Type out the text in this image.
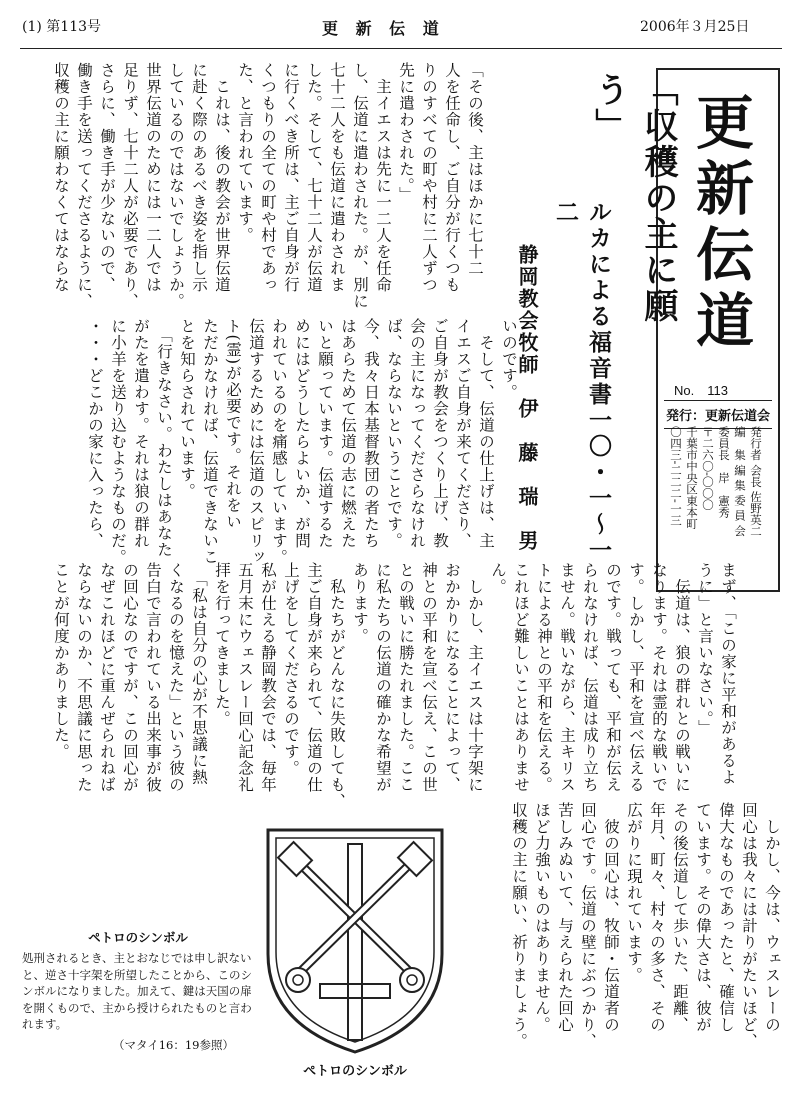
(1) 第113号	更 新 伝 道	2006年３月25日
更新伝道
No.　113
発行：更新伝道会
発行者 会長 佐野英二
編　集 編 集 委 員 会
委員長　岸　憲秀
〒二六〇-〇〇〇
千葉市中央区東本町
〇四三-二二二-一三
「収穫の主に願う」
ルカによる福音書一〇・一～一二
静岡教会牧師　伊　藤　瑞　男

「その後、主はほかに七十二
人を任命し、ご自分が行くつも
りのすべての町や村に二人ずつ
先に遣わされた。」
　主イエスは先に一二人を任命
し、伝道に遣わされた。が、別に
七十二人をも伝道に遣わされま
した。そして、七十二人が伝道
に行くべき所は、主ご自身が行
くつもりの全ての町や村であっ
た、と言われています。
　これは、後の教会が世界伝道
に赴く際のあるべき姿を指し示
しているのではないでしょうか。
世界伝道のためには一二人では
足りず、七十二人が必要であり、
さらに、働き手が少ないので、
働き手を送ってくださるように、
収穫の主に願わなくてはならな

いのです。
　そして、伝道の仕上げは、主
イエスご自身が来てくださり、
ご自身が教会をつくり上げ、教
会の主になってくださらなけれ
ば、ならないということです。
今、我々日本基督教団の者たち
はあらためて伝道の志に燃えた
いと願っています。伝道するた
めにはどうしたらよいか、が問
われているのを痛感しています。
伝道するためには伝道のスピリッ
ト(霊)が必要です。それをい
ただかなければ、伝道できないこ
とを知らされています。
　「行きなさい。わたしはあなた
がたを遣わす。それは狼の群れ
に小羊を送り込むようなものだ。
・・・どこかの家に入ったら、

まず、「この家に平和があるよ
うに」と言いなさい。」
　伝道は、狼の群れとの戦いに
なります。それは霊的な戦いで
す。しかし、平和を宣べ伝える
のです。戦っても、平和が伝え
られなければ、伝道は成り立ち
ません。戦いながら、主キリス
トによる神との平和を伝える。
これほど難しいことはありませ
ん。
　しかし、主イエスは十字架に
おかかりになることによって、
神との平和を宣べ伝え、この世
との戦いに勝たれました。ここ
に私たちの伝道の確かな希望が
あります。
　私たちがどんなに失敗しても、
主ご自身が来られて、伝道の仕
上げをしてくださるのです。
私が仕える静岡教会では、毎年
五月末にウェスレー回心記念礼
拝を行ってきました。
　「私は自分の心が不思議に熱
くなるのを憶えた」という彼の
告白で言われている出来事が彼
の回心なのですが、この回心が
なぜこれほどに重んぜられねば
ならないのか、不思議に思った
ことが何度かありました。

　しかし、今は、ウェスレーの
回心は我々には計りがたいほど、
偉大なものであったと、確信し
ています。その偉大さは、彼が
その後伝道して歩いた、距離、
年月、町々、村々の多さ、その
広がりに現れています。
　彼の回心は、牧師・伝道者の
回心です。伝道の壁にぶつかり、
苦しみぬいて、与えられた回心
ほど力強いものはありません。
収穫の主に願い、祈りましょう。

ペトロのシンボル
処刑されるとき、主とおなじでは申し訳ないと、逆さ十字架を所望したことから、このシンボルになりました。加えて、鍵は天国の扉を開くもので、主から授けられたものと言われます。
（マタイ16：19参照）
ペトロのシンボル
